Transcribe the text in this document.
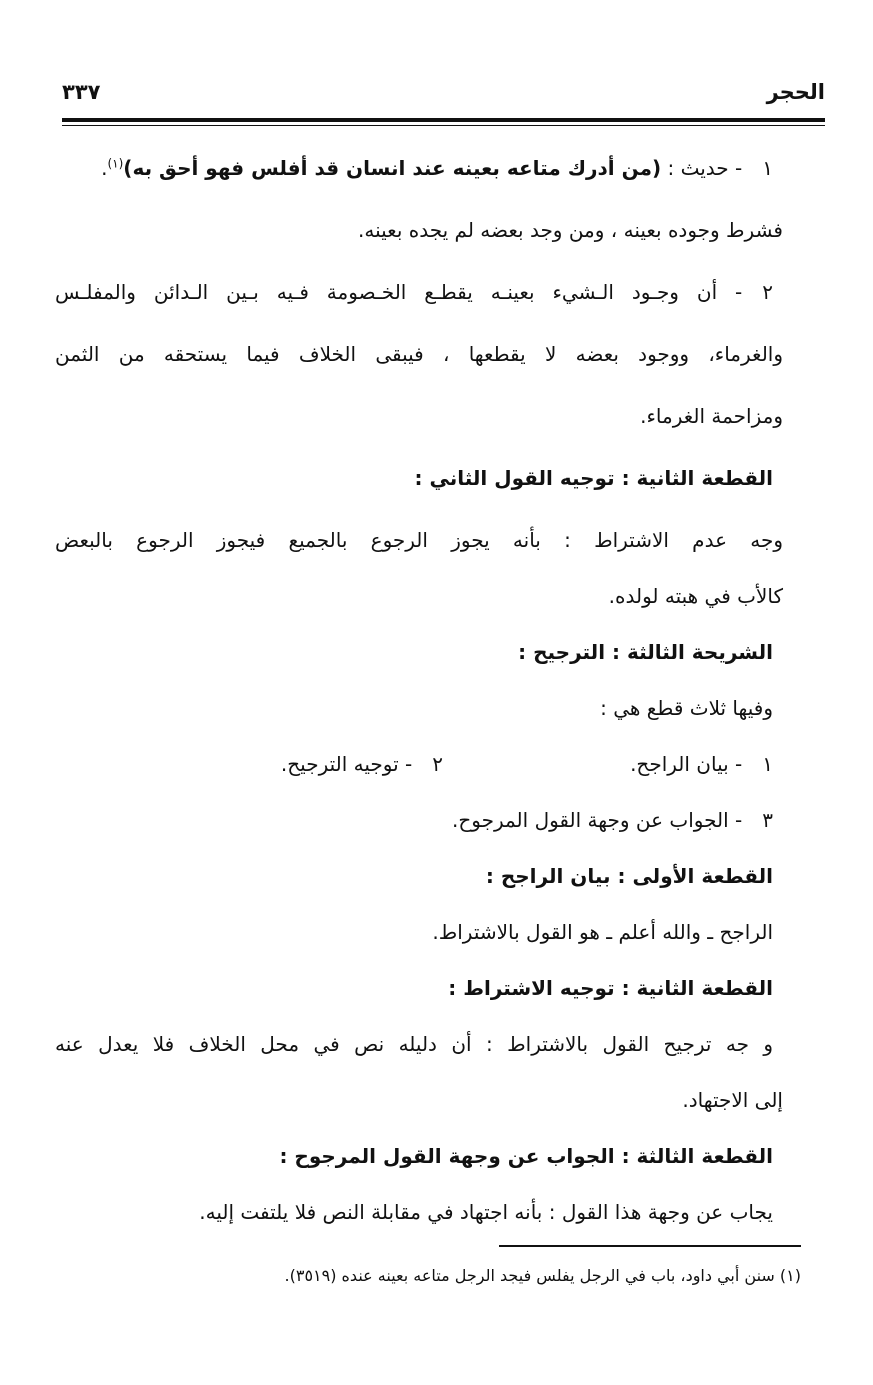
الحجر
٣٣٧
١- حديث : (من أدرك متاعه بعينه عند انسان قد أفلس فهو أحق به)$^{(١)}$.
فشرط وجوده بعينه ، ومن وجد بعضه لم يجده بعينه.
٢- أن وجـود الـشيء بعينـه يقطـع الخـصومة فـيه بـين الـدائن والمفلـس
والغرماء، ووجود بعضه لا يقطعها ، فيبقى الخلاف فيما يستحقه من الثمن
ومزاحمة الغرماء.
القطعة الثانية : توجيه القول الثاني :
وجه عدم الاشتراط : بأنه يجوز الرجوع بالجميع فيجوز الرجوع بالبعض
كالأب في هبته لولده.
الشريحة الثالثة : الترجيح :
وفيها ثلاث قطع هي :
١- بيان الراجح.
٢- توجيه الترجيح.
٣- الجواب عن وجهة القول المرجوح.
القطعة الأولى : بيان الراجح :
الراجح ـ والله أعلم ـ هو القول بالاشتراط.
القطعة الثانية : توجيه الاشتراط :
و جه ترجيح القول بالاشتراط : أن دليله نص في محل الخلاف فلا يعدل عنه
إلى الاجتهاد.
القطعة الثالثة : الجواب عن وجهة القول المرجوح :
يجاب عن وجهة هذا القول : بأنه اجتهاد في مقابلة النص فلا يلتفت إليه.
(١) سنن أبي داود، باب في الرجل يفلس فيجد الرجل متاعه بعينه عنده (٣٥١٩).
